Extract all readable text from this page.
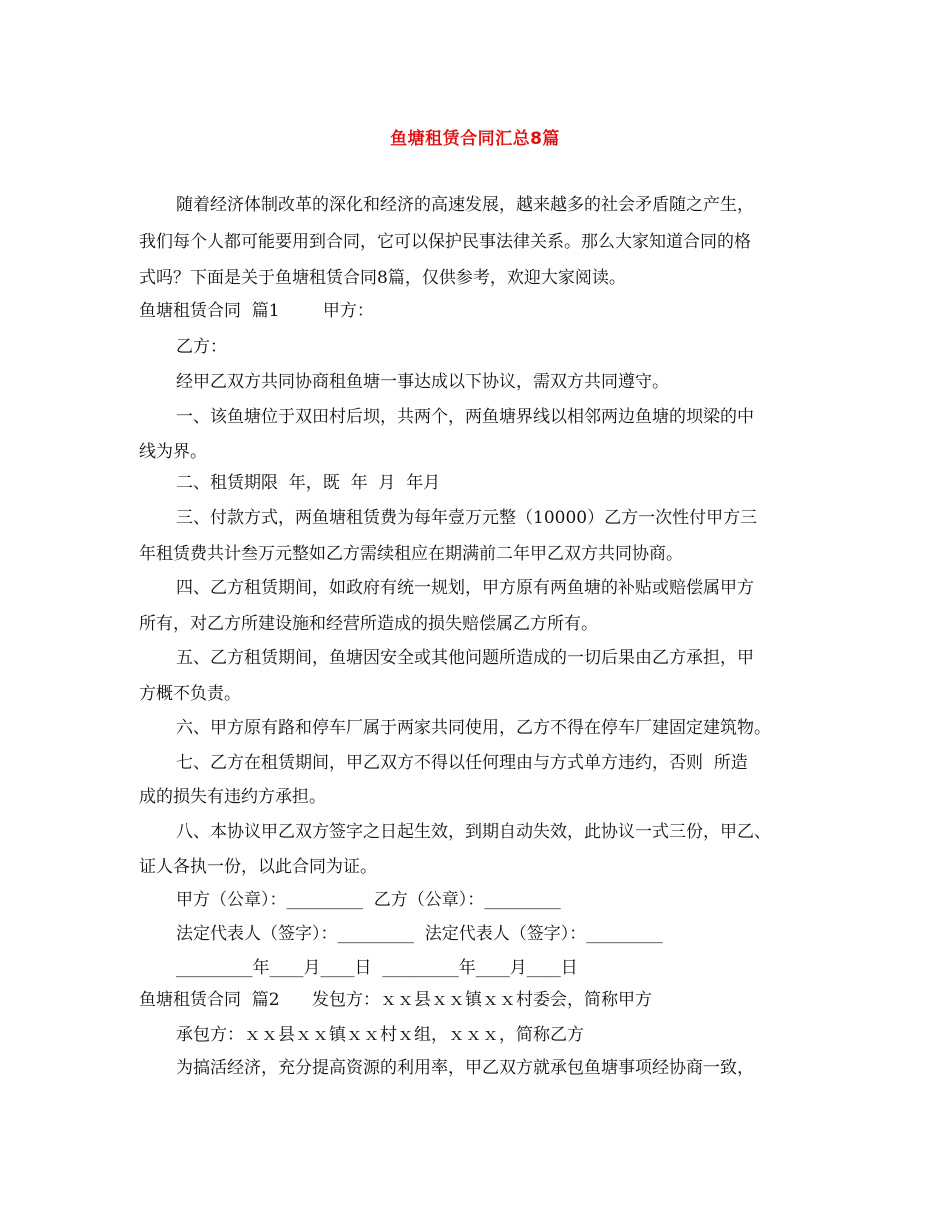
鱼塘租赁合同汇总8篇
随着经济体制改革的深化和经济的高速发展，越来越多的社会矛盾随之产生，
我们每个人都可能要用到合同，它可以保护民事法律关系。那么大家知道合同的格
式吗？下面是关于鱼塘租赁合同8篇，仅供参考，欢迎大家阅读。
鱼塘租赁合同  篇1        甲方：
乙方：
经甲乙双方共同协商租鱼塘一事达成以下协议，需双方共同遵守。
一、该鱼塘位于双田村后坝，共两个，两鱼塘界线以相邻两边鱼塘的坝梁的中
线为界。
二、租赁期限  年，既  年  月  年月
三、付款方式，两鱼塘租赁费为每年壹万元整（10000）乙方一次性付甲方三
年租赁费共计叁万元整如乙方需续租应在期满前二年甲乙双方共同协商。
四、乙方租赁期间，如政府有统一规划，甲方原有两鱼塘的补贴或赔偿属甲方
所有，对乙方所建设施和经营所造成的损失赔偿属乙方所有。
五、乙方租赁期间，鱼塘因安全或其他问题所造成的一切后果由乙方承担，甲
方概不负责。
六、甲方原有路和停车厂属于两家共同使用，乙方不得在停车厂建固定建筑物。
七、乙方在租赁期间，甲乙双方不得以任何理由与方式单方违约，否则  所造
成的损失有违约方承担。
八、本协议甲乙双方签字之日起生效，到期自动失效，此协议一式三份，甲乙、
证人各执一份，以此合同为证。
甲方（公章）：_________  乙方（公章）：_________
法定代表人（签字）：_________  法定代表人（签字）：_________
_________年____月____日  _________年____月____日
鱼塘租赁合同  篇2      发包方：ｘｘ县ｘｘ镇ｘｘ村委会，简称甲方
承包方：ｘｘ县ｘｘ镇ｘｘ村ｘ组，ｘｘｘ，简称乙方
为搞活经济，充分提高资源的利用率，甲乙双方就承包鱼塘事项经协商一致，
